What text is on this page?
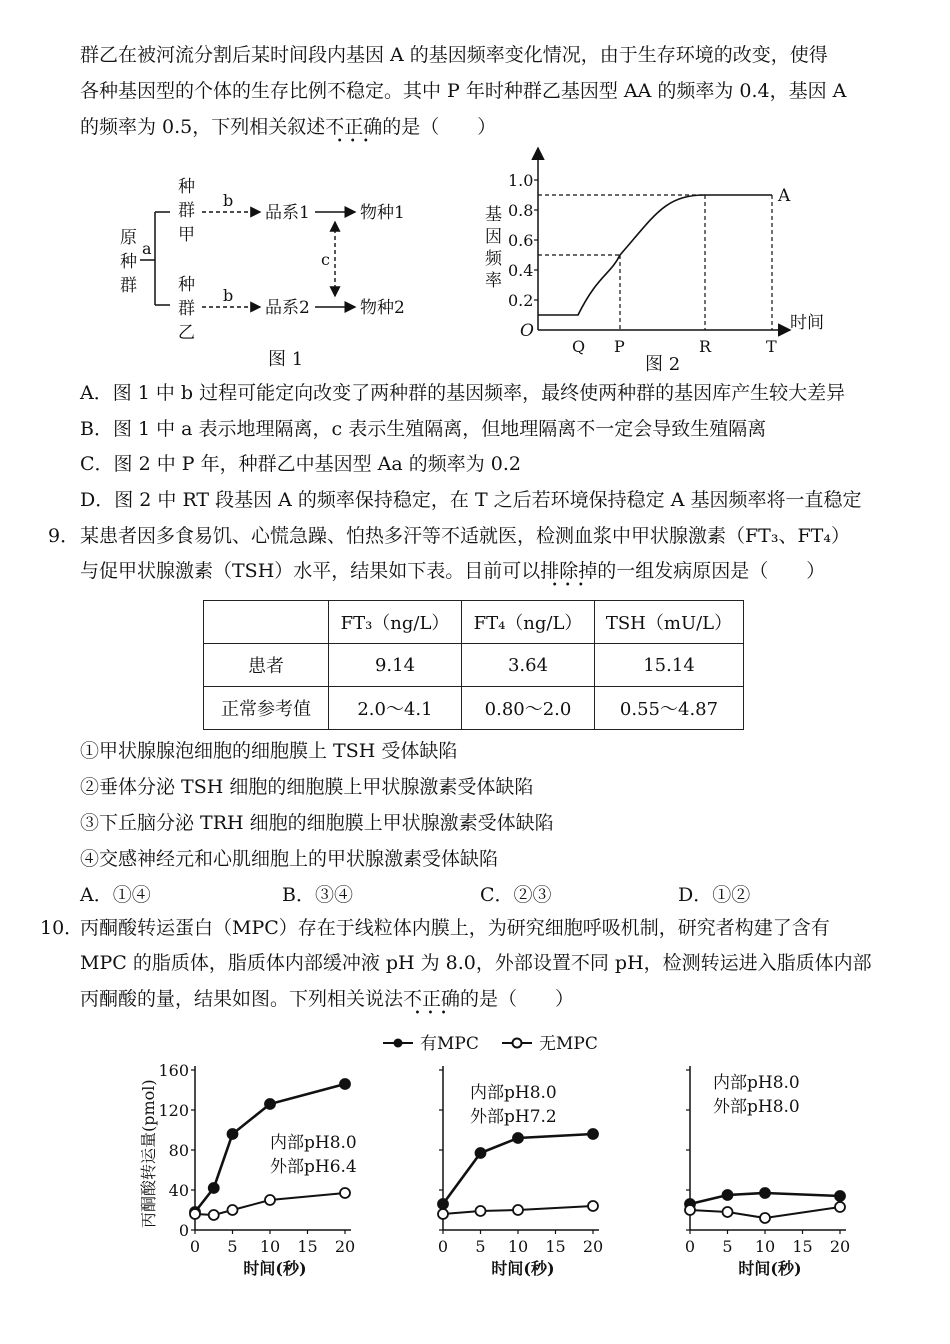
群乙在被河流分割后某时间段内基因 A 的基因频率变化情况，由于生存环境的改变，使得
各种基因型的个体的生存比例不稳定。其中 P 年时种群乙基因型 AA 的频率为 0.4，基因 A
的频率为 0.5，下列相关叙述不正确
• • •
的是（　　）
原
种
群
a
种
群
甲
种
群
乙
b
b
品系1
品系2
物种1
物种2
c
图 1
基
因
频
率
O	时间
1.0
0.8
0.6
0.4
0.2
Q P	R	T
A
图 2
A．图 1 中 b 过程可能定向改变了两种群的基因频率，最终使两种群的基因库产生较大差异
B．图 1 中 a 表示地理隔离，c 表示生殖隔离，但地理隔离不一定会导致生殖隔离
C．图 2 中 P 年，种群乙中基因型 Aa 的频率为 0.2
D．图 2 中 RT 段基因 A 的频率保持稳定，在 T 之后若环境保持稳定 A 基因频率将一直稳定
9． 某患者因多食易饥、心慌急躁、怕热多汗等不适就医，检测血浆中甲状腺激素（FT₃、FT₄）
与促甲状腺激素（TSH）水平，结果如下表。目前可以排除掉
• • •
的一组发病原因是（　　）
	FT₃（ng/L）	FT₄（ng/L）	TSH（mU/L）
患者	9.14	3.64	15.14
正常参考值	2.0～4.1	0.80～2.0	0.55～4.87
①甲状腺腺泡细胞的细胞膜上 TSH 受体缺陷
②垂体分泌 TSH 细胞的细胞膜上甲状腺激素受体缺陷
③下丘脑分泌 TRH 细胞的细胞膜上甲状腺激素受体缺陷
④交感神经元和心肌细胞上的甲状腺激素受体缺陷
A．①④	B．③④	C．②③	D．①②
10．
丙酮酸转运蛋白（MPC）存在于线粒体内膜上，为研究细胞呼吸机制，研究者构建了含有
MPC 的脂质体，脂质体内部缓冲液 pH 为 8.0，外部设置不同 pH，检测转运进入脂质体内部
丙酮酸的量，结果如图。下列相关说法不正确
• • •
的是（　　）
有MPC	无MPC
丙酮酸转运量(pmol)
0
40
80
120
160
0 5 10 15 20
时间(秒)
内部pH8.0
外部pH6.4
0 5 10 15 20
时间(秒)
内部pH8.0
外部pH7.2
0 5 10 15 20
时间(秒)
内部pH8.0
外部pH8.0
